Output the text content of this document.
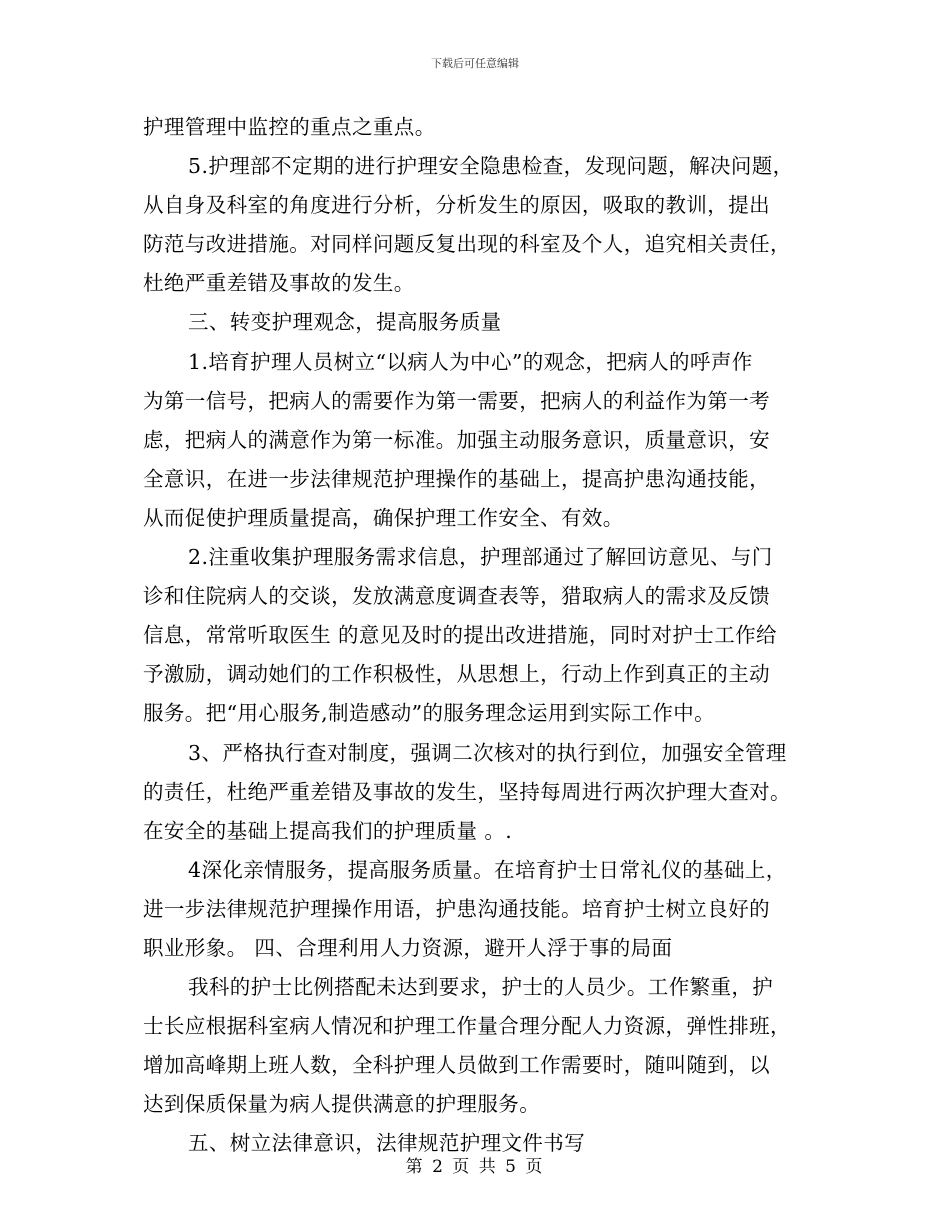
下载后可任意编辑
护理管理中监控的重点之重点。
5.护理部不定期的进行护理安全隐患检查，发现问题，解决问题，
从自身及科室的角度进行分析，分析发生的原因，吸取的教训，提出
防范与改进措施。对同样问题反复出现的科室及个人，追究相关责任，
杜绝严重差错及事故的发生。
三、转变护理观念，提高服务质量
1.培育护理人员树立“以病人为中心”的观念，把病人的呼声作
为第一信号，把病人的需要作为第一需要，把病人的利益作为第一考
虑，把病人的满意作为第一标准。加强主动服务意识，质量意识，安
全意识，在进一步法律规范护理操作的基础上，提高护患沟通技能，
从而促使护理质量提高，确保护理工作安全、有效。
2.注重收集护理服务需求信息，护理部通过了解回访意见、与门
诊和住院病人的交谈，发放满意度调查表等，猎取病人的需求及反馈
信息，常常听取医生 的意见及时的提出改进措施，同时对护士工作给
予激励，调动她们的工作积极性，从思想上，行动上作到真正的主动
服务。把“用心服务,制造感动”的服务理念运用到实际工作中。
3、严格执行查对制度，强调二次核对的执行到位，加强安全管理
的责任，杜绝严重差错及事故的发生，坚持每周进行两次护理大查对。
在安全的基础上提高我们的护理质量 。.
4深化亲情服务，提高服务质量。在培育护士日常礼仪的基础上，
进一步法律规范护理操作用语，护患沟通技能。培育护士树立良好的
职业形象。 四、合理利用人力资源，避开人浮于事的局面
我科的护士比例搭配未达到要求，护士的人员少。工作繁重，护
士长应根据科室病人情况和护理工作量合理分配人力资源，弹性排班，
增加高峰期上班人数，全科护理人员做到工作需要时，随叫随到，以
达到保质保量为病人提供满意的护理服务。
五、树立法律意识，法律规范护理文件书写
第 2 页 共 5 页
